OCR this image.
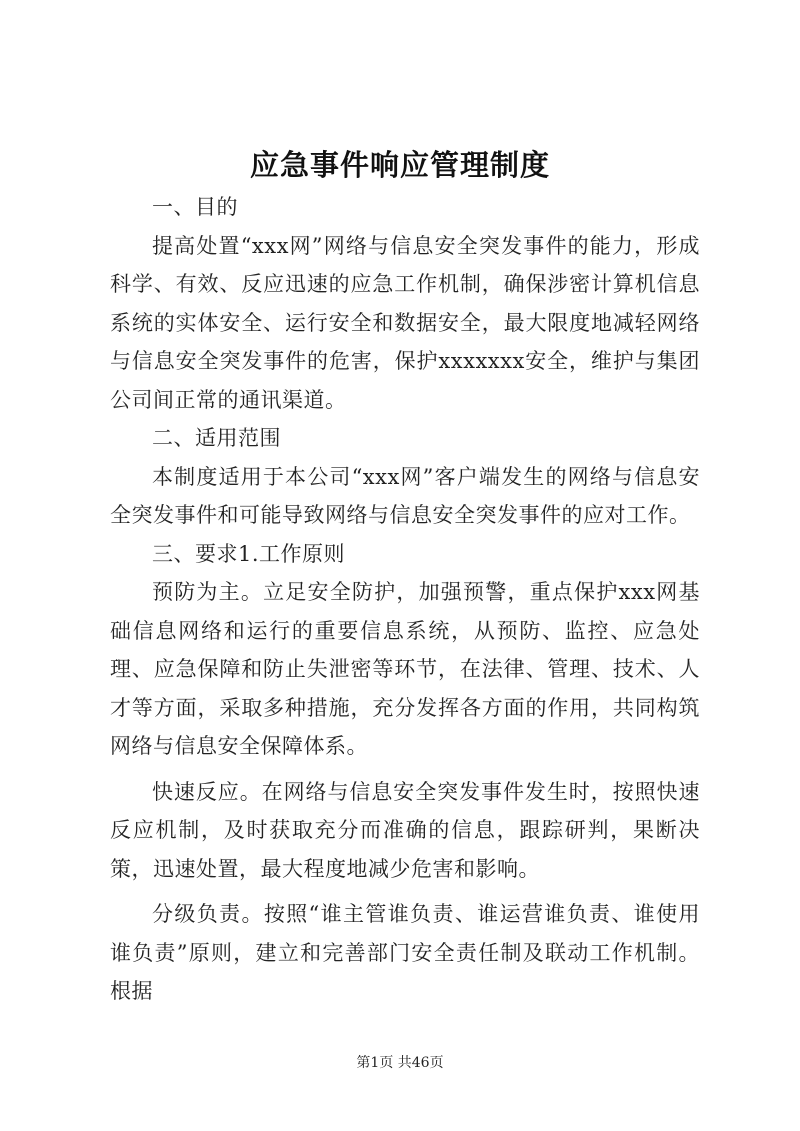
应急事件响应管理制度

一、目的

提高处置“xxx网”网络与信息安全突发事件的能力，形成科学、有效、反应迅速的应急工作机制，确保涉密计算机信息系统的实体安全、运行安全和数据安全，最大限度地减轻网络与信息安全突发事件的危害，保护xxxxxxx安全，维护与集团公司间正常的通讯渠道。

二、适用范围

本制度适用于本公司“xxx网”客户端发生的网络与信息安全突发事件和可能导致网络与信息安全突发事件的应对工作。

三、要求1.工作原则

预防为主。立足安全防护，加强预警，重点保护xxx网基础信息网络和运行的重要信息系统，从预防、监控、应急处理、应急保障和防止失泄密等环节，在法律、管理、技术、人才等方面，采取多种措施，充分发挥各方面的作用，共同构筑网络与信息安全保障体系。

快速反应。在网络与信息安全突发事件发生时，按照快速反应机制，及时获取充分而准确的信息，跟踪研判，果断决策，迅速处置，最大程度地减少危害和影响。

分级负责。按照“谁主管谁负责、谁运营谁负责、谁使用谁负责”原则，建立和完善部门安全责任制及联动工作机制。根据

第1页 共46页
